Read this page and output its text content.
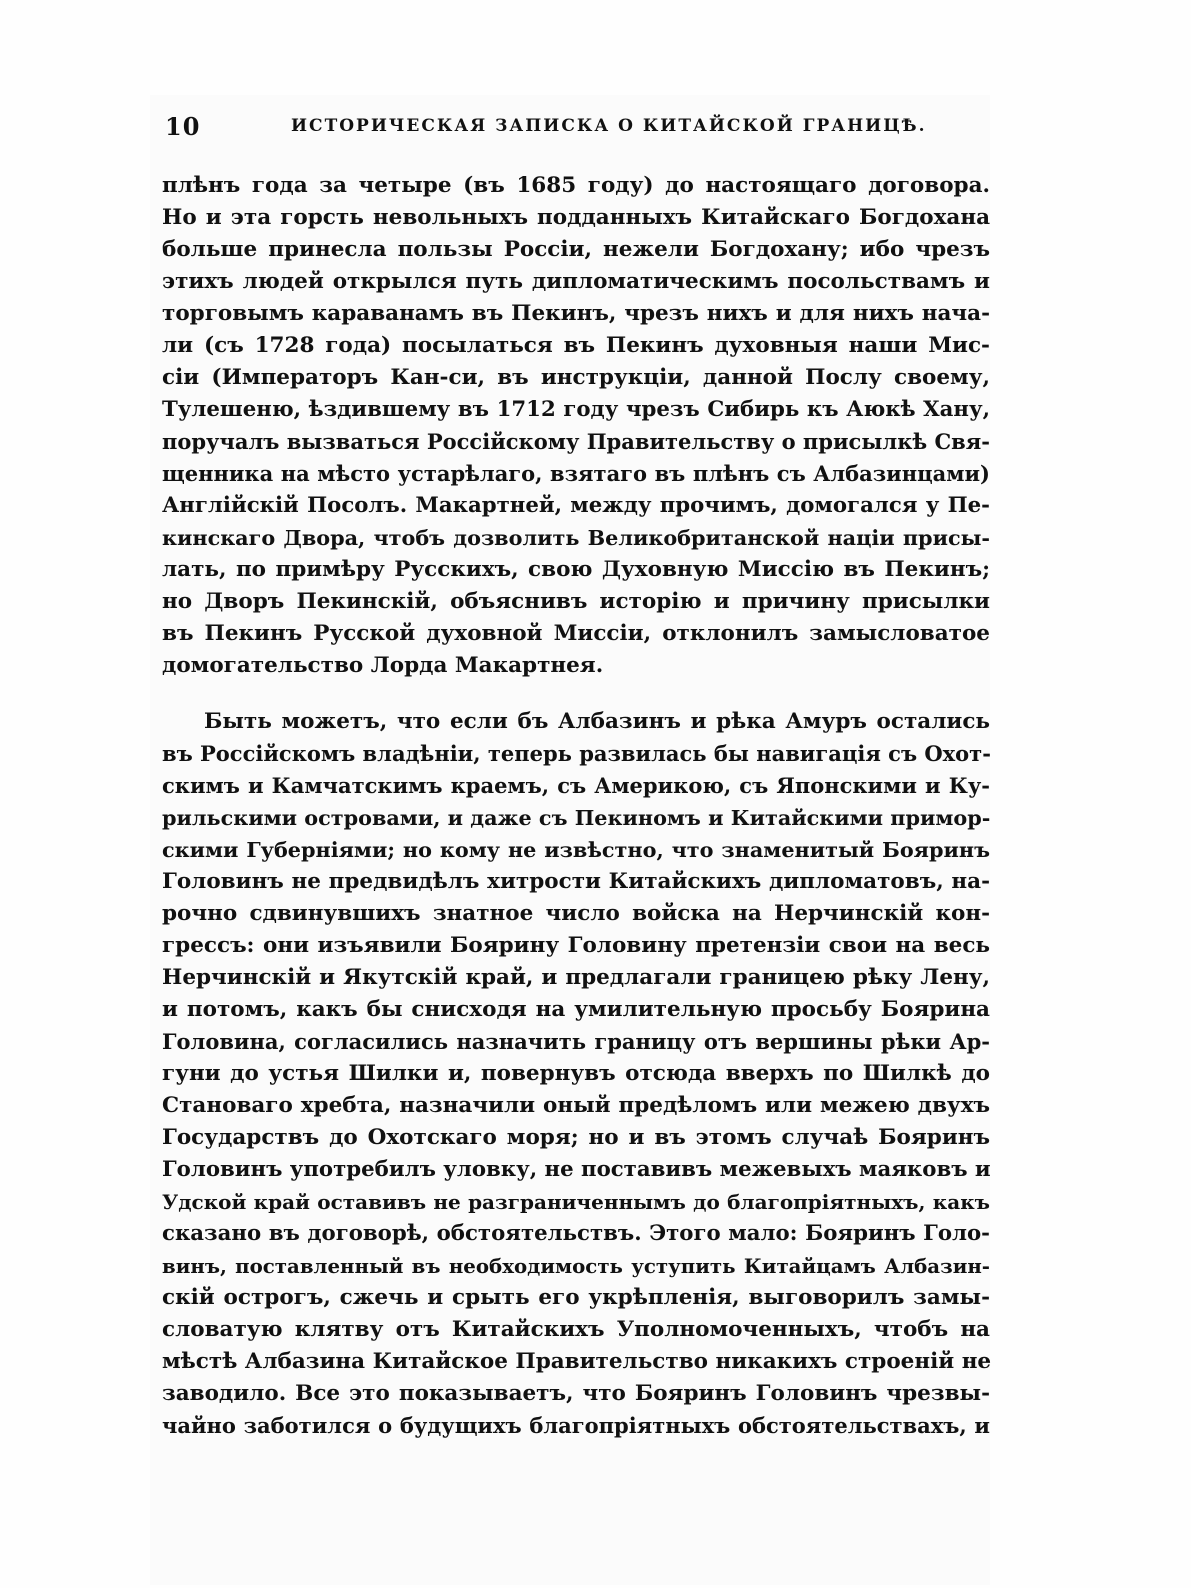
10	ИСТОРИЧЕСКАЯ ЗАПИСКА О КИТАЙСКОЙ ГРАНИЦѢ.
плѣнъ года за четыре (въ 1685 году) до настоящаго договора.
Но и эта горсть невольныхъ подданныхъ Китайскаго Богдохана
больше принесла пользы Россіи, нежели Богдохану; ибо чрезъ
этихъ людей открылся путь дипломатическимъ посольствамъ и
торговымъ караванамъ въ Пекинъ, чрезъ нихъ и для нихъ нача-
ли (съ 1728 года) посылаться въ Пекинъ духовныя наши Мис-
сіи (Императоръ Кан-си, въ инструкціи, данной Послу своему,
Тулешеню, ѣздившему въ 1712 году чрезъ Сибирь къ Аюкѣ Хану,
поручалъ вызваться Россійскому Правительству о присылкѣ Свя-
щенника на мѣсто устарѣлаго, взятаго въ плѣнъ съ Албазинцами)
Англійскій Посолъ. Макартней, между прочимъ, домогался у Пе-
кинскаго Двора, чтобъ дозволить Великобританской націи присы-
лать, по примѣру Русскихъ, свою Духовную Миссію въ Пекинъ;
но Дворъ Пекинскій, объяснивъ исторію и причину присылки
въ Пекинъ Русской духовной Миссіи, отклонилъ замысловатое
домогательство Лорда Макартнея.
Быть можетъ, что если бъ Албазинъ и рѣка Амуръ остались
въ Россійскомъ владѣніи, теперь развилась бы навигація съ Охот-
скимъ и Камчатскимъ краемъ, съ Америкою, съ Японскими и Ку-
рильскими островами, и даже съ Пекиномъ и Китайскими примор-
скими Губерніями; но кому не извѣстно, что знаменитый Бояринъ
Головинъ не предвидѣлъ хитрости Китайскихъ дипломатовъ, на-
рочно сдвинувшихъ знатное число войска на Нерчинскій кон-
грессъ: они изъявили Боярину Головину претензіи свои на весь
Нерчинскій и Якутскій край, и предлагали границею рѣку Лену,
и потомъ, какъ бы снисходя на умилительную просьбу Боярина
Головина, согласились назначить границу отъ вершины рѣки Ар-
гуни до устья Шилки и, повернувъ отсюда вверхъ по Шилкѣ до
Становаго хребта, назначили оный предѣломъ или межею двухъ
Государствъ до Охотскаго моря; но и въ этомъ случаѣ Бояринъ
Головинъ употребилъ уловку, не поставивъ межевыхъ маяковъ и
Удской край оставивъ не разграниченнымъ до благопріятныхъ, какъ
сказано въ договорѣ, обстоятельствъ. Этого мало: Бояринъ Голо-
винъ, поставленный въ необходимость уступить Китайцамъ Албазин-
скій острогъ, сжечь и срыть его укрѣпленія, выговорилъ замы-
словатую клятву отъ Китайскихъ Уполномоченныхъ, чтобъ на
мѣстѣ Албазина Китайское Правительство никакихъ строеній не
заводило. Все это показываетъ, что Бояринъ Головинъ чрезвы-
чайно заботился о будущихъ благопріятныхъ обстоятельствахъ, и
